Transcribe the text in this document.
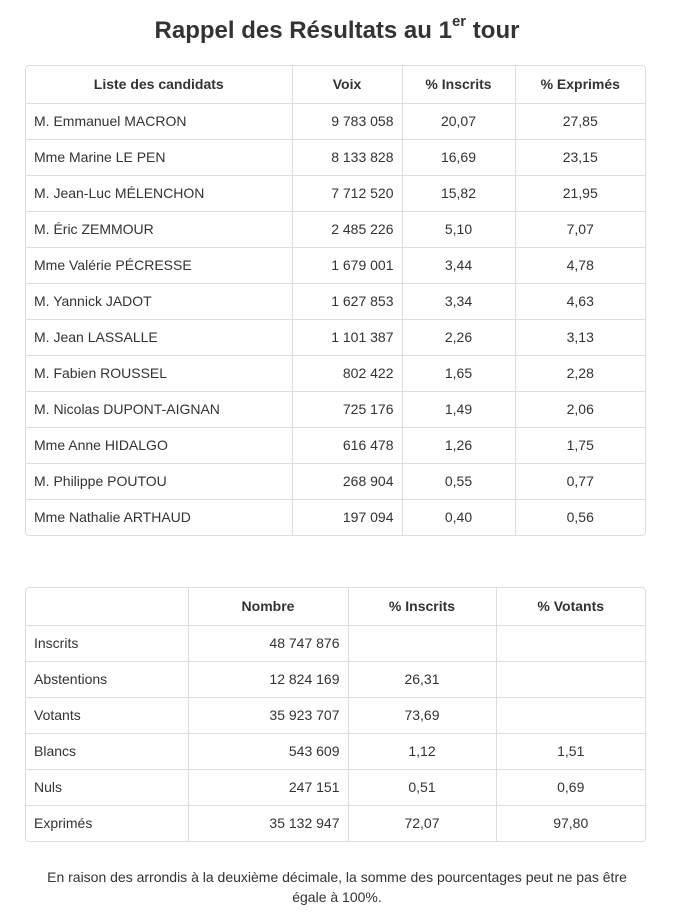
Rappel des Résultats au 1er tour
Liste des candidats	Voix	% Inscrits	% Exprimés
M. Emmanuel MACRON	9 783 058	20,07	27,85
Mme Marine LE PEN	8 133 828	16,69	23,15
M. Jean-Luc MÉLENCHON	7 712 520	15,82	21,95
M. Éric ZEMMOUR	2 485 226	5,10	7,07
Mme Valérie PÉCRESSE	1 679 001	3,44	4,78
M. Yannick JADOT	1 627 853	3,34	4,63
M. Jean LASSALLE	1 101 387	2,26	3,13
M. Fabien ROUSSEL	802 422	1,65	2,28
M. Nicolas DUPONT-AIGNAN	725 176	1,49	2,06
Mme Anne HIDALGO	616 478	1,26	1,75
M. Philippe POUTOU	268 904	0,55	0,77
Mme Nathalie ARTHAUD	197 094	0,40	0,56
	Nombre	% Inscrits	% Votants
Inscrits	48 747 876		
Abstentions	12 824 169	26,31	
Votants	35 923 707	73,69	
Blancs	543 609	1,12	1,51
Nuls	247 151	0,51	0,69
Exprimés	35 132 947	72,07	97,80

En raison des arrondis à la deuxième décimale, la somme des pourcentages peut ne pas être égale à 100%.
